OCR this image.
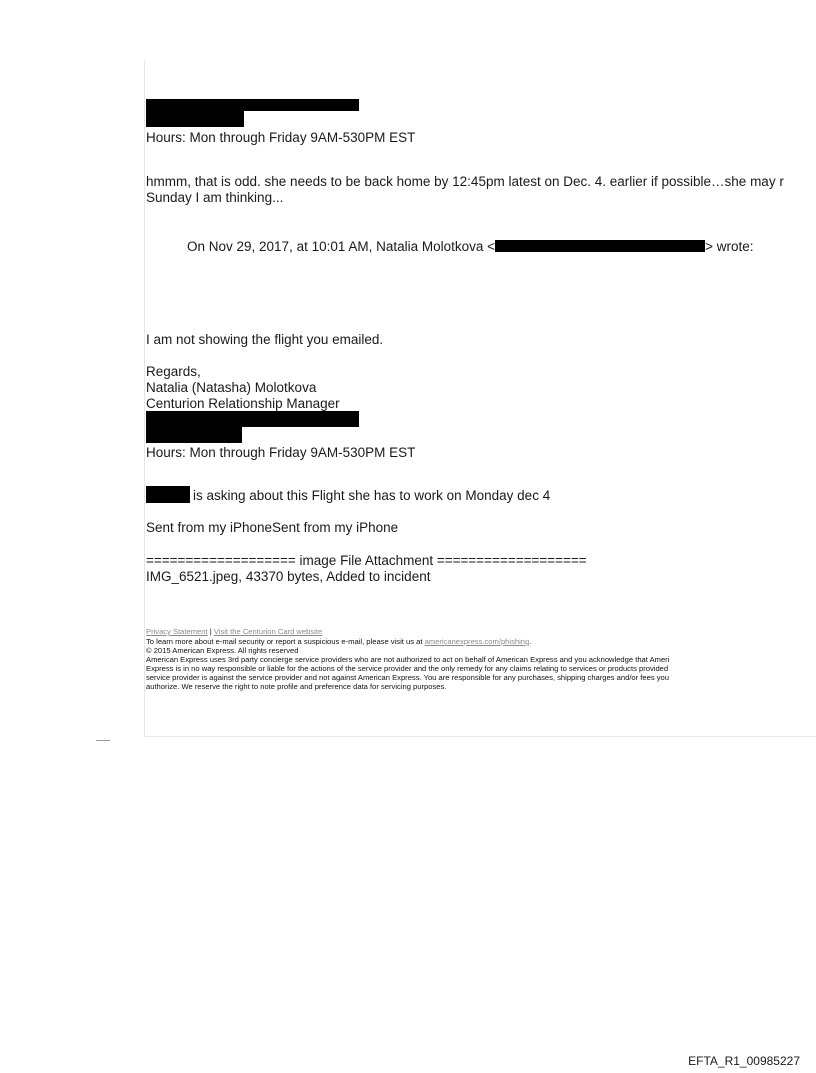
Hours: Mon through Friday 9AM-530PM EST
hmmm, that is odd. she needs to be back home by 12:45pm latest on Dec. 4. earlier if possible…she may r
Sunday I am thinking...
On Nov 29, 2017, at 10:01 AM, Natalia Molotkova <	> wrote:
I am not showing the flight you emailed.
Regards,
Natalia (Natasha) Molotkova
Centurion Relationship Manager
Hours: Mon through Friday 9AM-530PM EST
is asking about this Flight she has to work on Monday dec 4
Sent from my iPhoneSent from my iPhone
=================== image File Attachment ===================
IMG_6521.jpeg, 43370 bytes, Added to incident
Privacy Statement | Visit the Centurion Card website
To learn more about e-mail security or report a suspicious e-mail, please visit us at americanexpress.com/phishing.
© 2015 American Express. All rights reserved
American Express uses 3rd party concierge service providers who are not authorized to act on behalf of American Express and you acknowledge that Ameri
Express is in no way responsible or liable for the actions of the service provider and the only remedy for any claims relating to services or products provided
service provider is against the service provider and not against American Express. You are responsible for any purchases, shipping charges and/or fees you
authorize. We reserve the right to note profile and preference data for servicing purposes.
EFTA_R1_00985227
